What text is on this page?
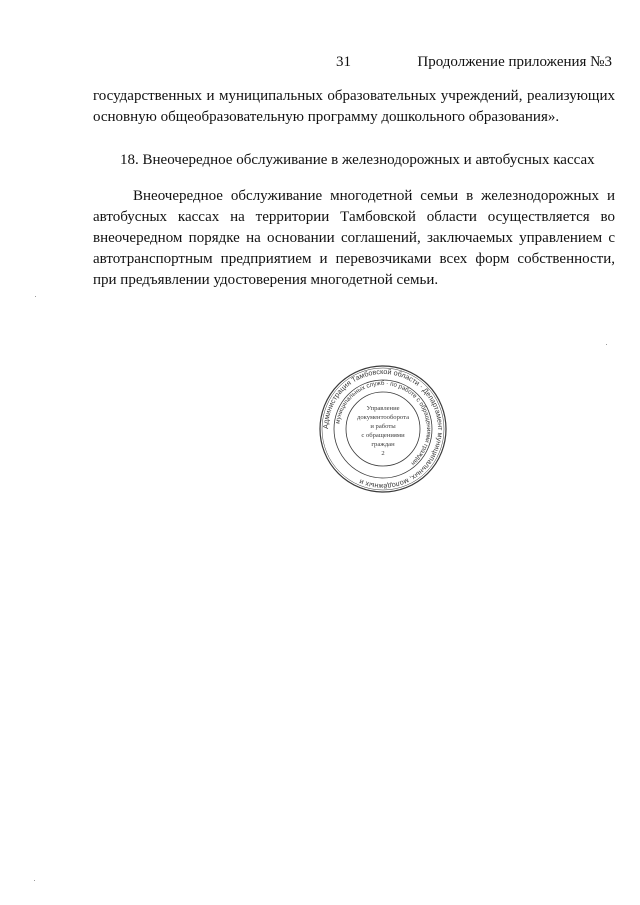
31	Продолжение приложения №3
государственных и муниципальных образовательных учреждений, реализующих основную общеобразовательную программу дошкольного образования».
18. Внеочередное обслуживание в железнодорожных и автобусных кассах
Внеочередное обслуживание многодетной семьи в железнодорожных и автобусных кассах на территории Тамбовской области осуществляется во внеочередном порядке на основании соглашений, заключаемых управлением с автотранспортным предприятием и перевозчиками всех форм собственности, при предъявлении удостоверения многодетной семьи.
Администрация Тамбовской области · Департамент муниципальных, молодёжных и
муниципальных служб · по работе с обращениями граждан
Управление
документооборота
и работы
с обращениями
граждан
2
